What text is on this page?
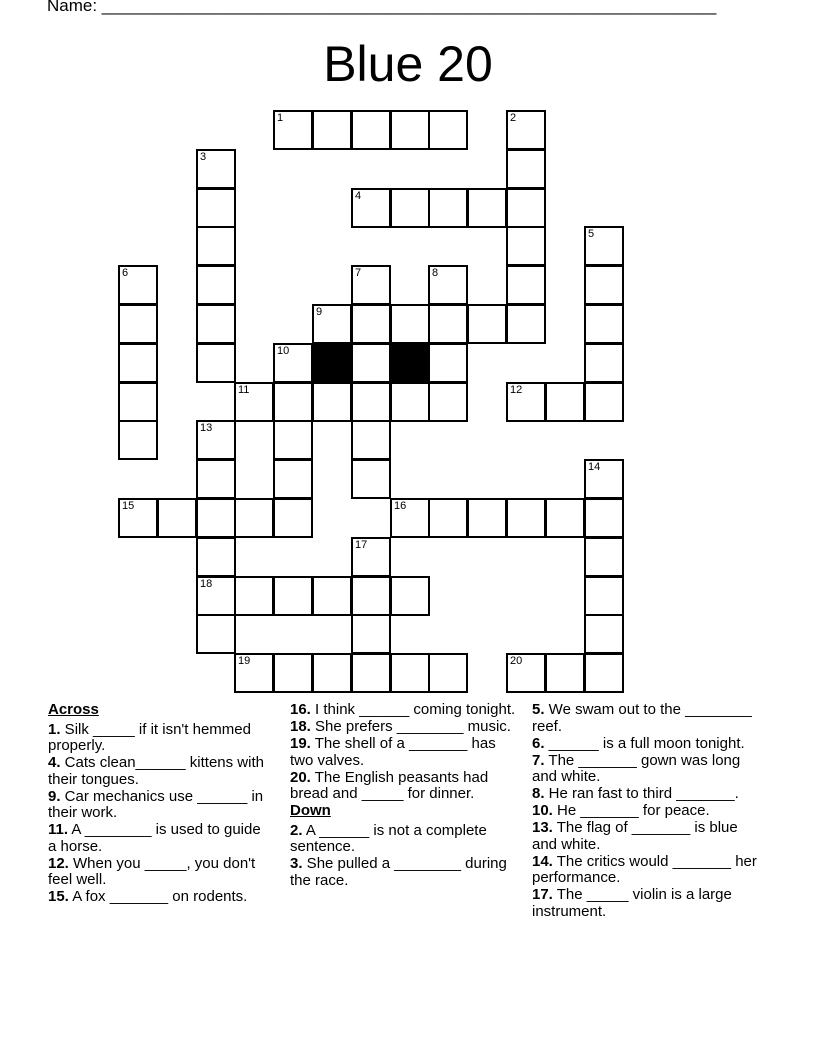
Name: _________________________________________________________________
Blue 20
1	2
3
4
5
6	7	8
9
10
11	12
13
14
15	16
17
18
19	20

Across

1. Silk _____ if it isn't hemmed properly.

4. Cats clean______ kittens with their tongues.

9. Car mechanics use ______ in their work.

11. A ________ is used to guide a horse.

12. When you _____, you don't feel well.

15. A fox _______ on rodents.

16. I think ______ coming tonight.

18. She prefers ________ music.

19. The shell of a _______ has two valves.

20. The English peasants had bread and _____ for dinner.

Down

2. A ______ is not a complete sentence.

3. She pulled a ________ during the race.

5. We swam out to the ________ reef.

6. ______ is a full moon tonight.

7. The _______ gown was long and white.

8. He ran fast to third _______.

10. He _______ for peace.

13. The flag of _______ is blue and white.

14. The critics would _______ her performance.

17. The _____ violin is a large instrument.
